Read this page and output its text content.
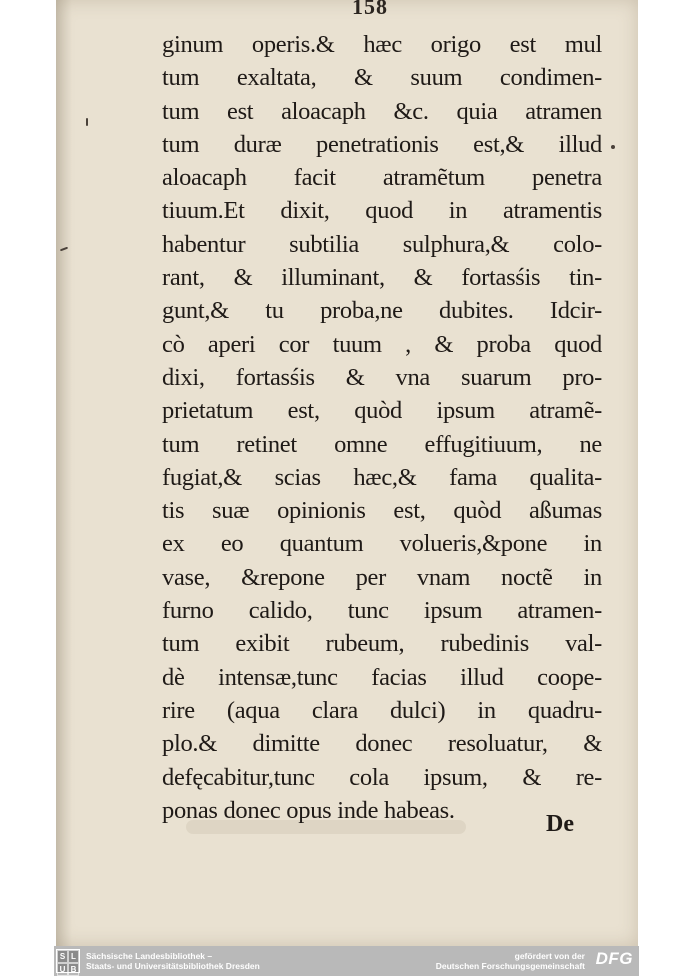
158
ginum operis.& hæc origo est mul
tum exaltata, & suum condimen-
tum est aloacaph &c. quia atramen
tum duræ penetrationis est,& illud
aloacaph facit atramẽtum penetra
tiuum.Et dixit, quod in atramentis
habentur subtilia sulphura,& colo-
rant, & illuminant, & fortasśis tin-
gunt,& tu proba,ne dubites. Idcir-
cò aperi cor tuum , & proba quod
dixi, fortasśis & vna suarum pro-
prietatum est, quòd ipsum atramẽ-
tum retinet omne effugitiuum, ne
fugiat,& scias hæc,& fama qualita-
tis suæ opinionis est, quòd aßumas
ex eo quantum volueris,&pone in
vase, &repone per vnam noctẽ in
furno calido, tunc ipsum atramen-
tum exibit rubeum, rubedinis val-
dè intensæ,tunc facias illud coope-
rire (aqua clara dulci) in quadru-
plo.& dimitte donec resoluatur, &
defęcabitur,tunc cola ipsum, & re-
ponas donec opus inde habeas.
De
S L
U B
Sächsische Landesbibliothek –
Staats- und Universitätsbibliothek Dresden
gefördert von der
Deutschen Forschungsgemeinschaft DFG
